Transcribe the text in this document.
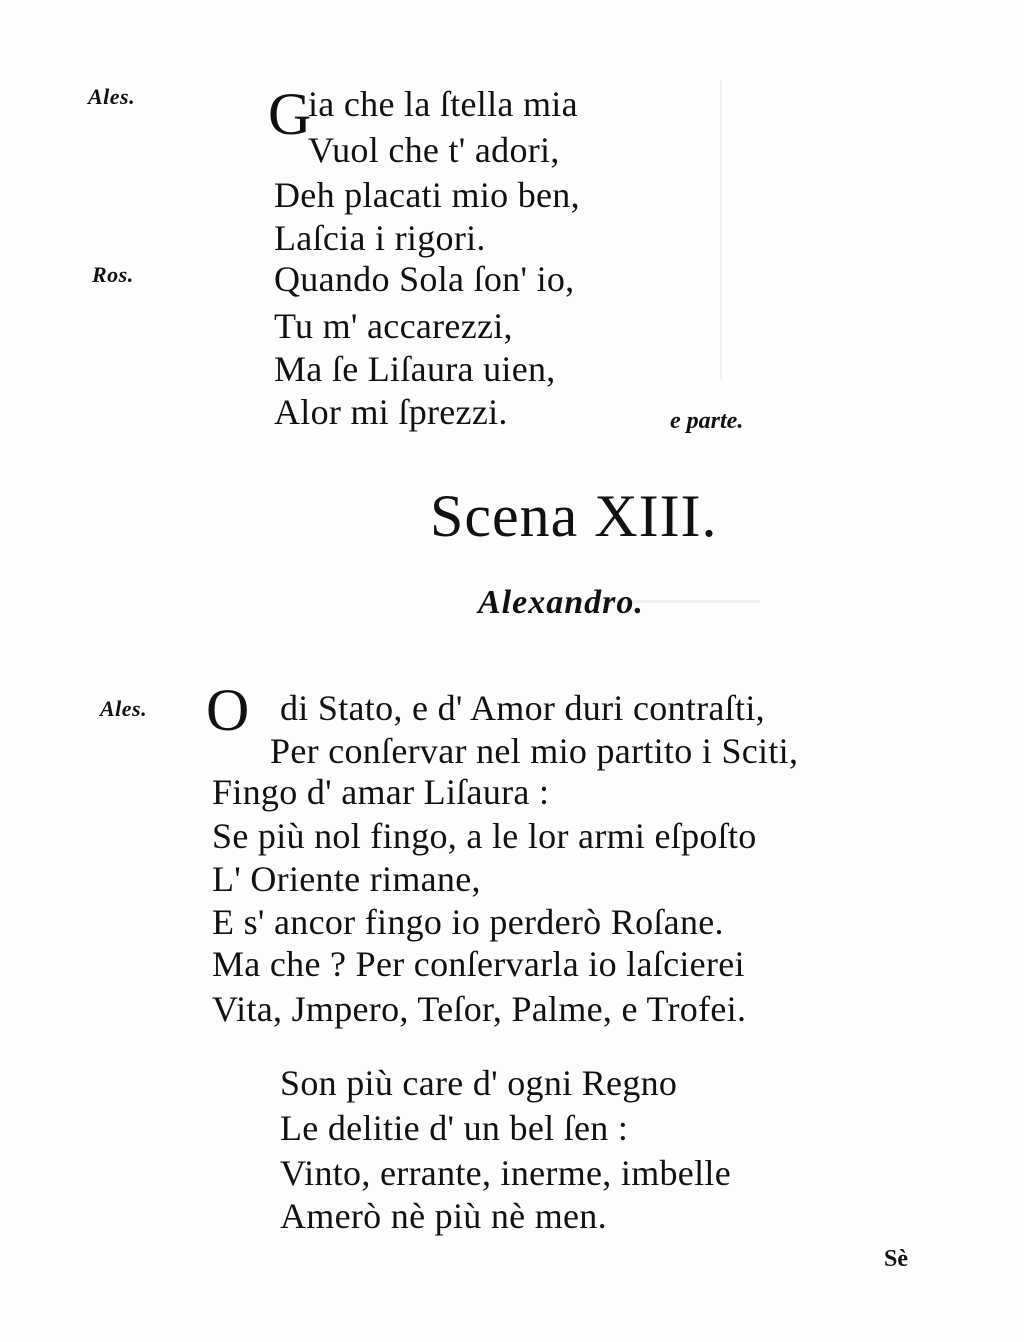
Ales. G
ia che la ſtella mia
Vuol che t' adori,
Deh placati mio ben,
Laſcia i rigori.
Ros.	Quando Sola ſon' io,
Tu m' accarezzi,
Ma ſe Liſaura uien,
Alor mi ſprezzi.	e parte.
Scena XIII.
Alexandro.
Ales. O di Stato, e d' Amor duri contraſti,
Per conſervar nel mio partito i Sciti,
Fingo d' amar Liſaura :
Se più nol fingo, a le lor armi eſpoſto
L' Oriente rimane,
E s' ancor fingo io perderò Roſane.
Ma che ? Per conſervarla io laſcierei
Vita, Jmpero, Teſor, Palme, e Trofei.
Son più care d' ogni Regno
Le delitie d' un bel ſen :
Vinto, errante, inerme, imbelle
Amerò nè più nè men.
Sè
